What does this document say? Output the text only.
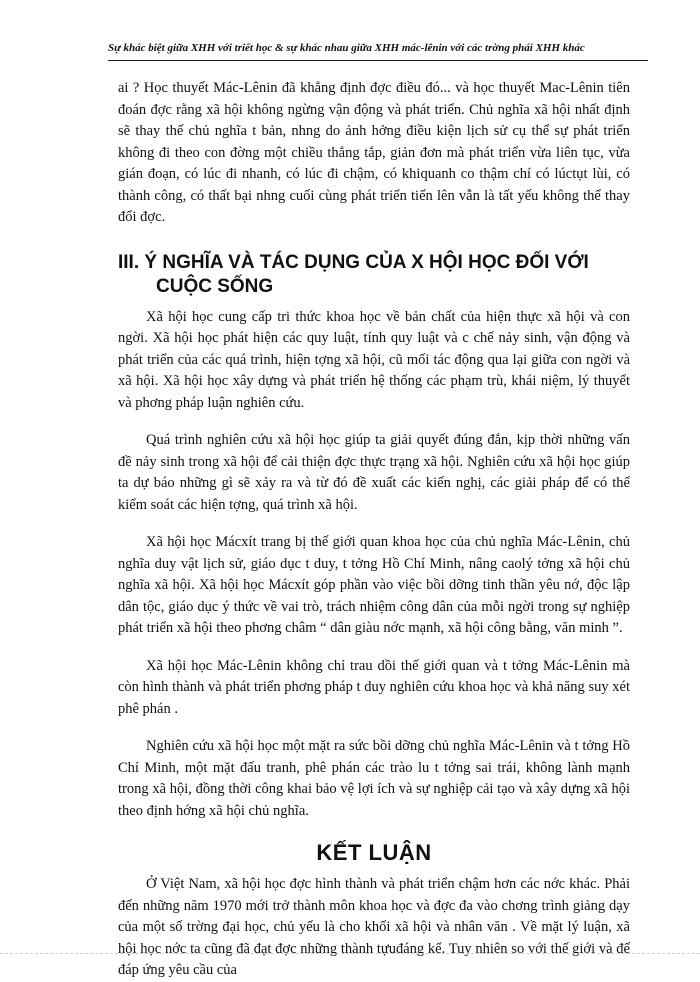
Sự khác biệt giữa XHH với triết học & sự khác nhau giữa XHH mác-lênin với các trờng phái XHH khác

ai ? Học thuyết Mác-Lênin đã khẳng định đợc điều đó... và học thuyết Mac-Lênin tiên đoán đợc rằng xã hội không ngừng vận động và phát triển. Chủ nghĩa xã hội nhất định sẽ thay thế chủ nghĩa t bản, nhng do ảnh hởng điều kiện lịch sử cụ thể sự phát triển không đi theo con đờng một chiều thẳng tắp, giản đơn mà phát triển vừa liên tục, vừa gián đoạn, có lúc đi nhanh, có lúc đi chậm, có khiquanh co thậm chí có lúctụt lùi, có thành công, có thất bại nhng cuối cùng phát triển tiến lên vẫn là tất yếu không thể thay đổi đợc.

III. Ý NGHĨA VÀ TÁC DỤNG CỦA X HỘI HỌC ĐỐI VỚI
CUỘC SỐNG

Xã hội học cung cấp tri thức khoa học về bản chất của hiện thực xã hội và con ngời. Xã hội học phát hiện các quy luật, tính quy luật và c chế nảy sinh, vận động và phát triển của các quá trình, hiện tợng xã hội, cũ mối tác động qua lại giữa con ngời và xã hội. Xã hội học xây dựng và phát triển hệ thống các phạm trù, khái niệm, lý thuyết và phơng pháp luận nghiên cứu.

Quá trình nghiên cứu xã hội học giúp ta giải quyết đúng đắn, kịp thời những vấn đề nảy sinh trong xã hội để cải thiện đợc thực trạng xã hội. Nghiên cứu xã hội học giúp ta dự báo những gì sẽ xảy ra và từ đó đề xuất các kiến nghị, các giải pháp để có thể kiểm soát các hiện tợng, quá trình xã hội.

Xã hội học Mácxít trang bị thế giới quan khoa học của chủ nghĩa Mác-Lênin, chủ nghĩa duy vật lịch sử, giáo dục t duy, t tởng Hồ Chí Minh, nâng caolý tởng xã hội chủ nghĩa xã hội. Xã hội học Mácxít góp phần vào việc bồi dỡng tinh thần yêu nớ, độc lập dân tộc, giáo dục ý thức về vai trò, trách nhiệm công dân của mỗi ngời trong sự nghiệp phát triển xã hội theo phơng châm “ dân giàu nớc mạnh, xã hội công bằng, văn minh ”.

Xã hội học Mác-Lênin không chỉ trau dồi thế giới quan và t tởng Mác-Lênin mà còn hình thành và phát triển phơng pháp t duy nghiên cứu khoa học và khả năng suy xét phê phán .

Nghiên cứu xã hội học một mặt ra sức bồi dỡng chủ nghĩa Mác-Lênin và t tởng Hồ Chí Minh, một mặt đấu tranh, phê phán các trào lu t tởng sai trái, không lành mạnh trong xã hội, đồng thời công khai bảo vệ lợi ích và sự nghiệp cải tạo và xây dựng xã hội theo định hớng xã hội chủ nghĩa.

KẾT LUẬN

Ở Việt Nam, xã hội học đợc hình thành và phát triển chậm hơn các nớc khác. Phải đến những năm 1970 mới trở thành môn khoa học và đợc đa vào chơng trình giảng dạy của một số trờng đại học, chủ yếu là cho khối xã hội và nhân văn . Về mặt lý luận, xã hội học nớc ta cũng đã đạt đợc những thành tựuđáng kể. Tuy nhiên so với thế giới và để đáp ứng yêu cầu của
